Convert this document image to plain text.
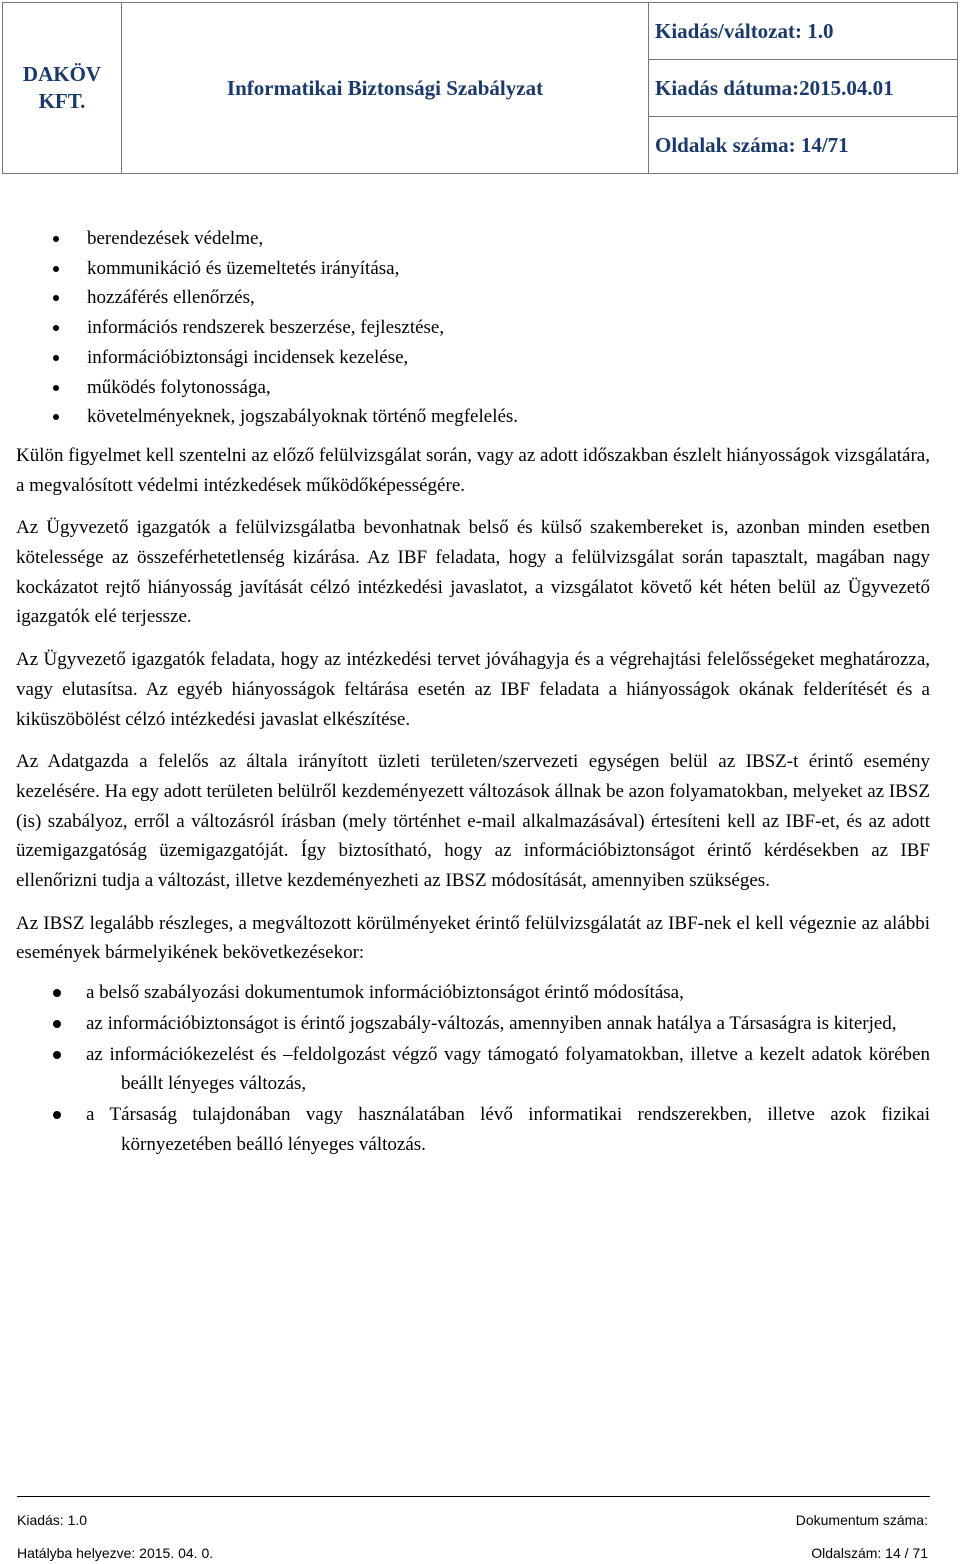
DAKÖV
KFT.	Informatikai Biztonsági Szabályzat	Kiadás/változat: 1.0
Kiadás dátuma:2015.04.01
Oldalak száma: 14/71
berendezések védelme,
kommunikáció és üzemeltetés irányítása,
hozzáférés ellenőrzés,
információs rendszerek beszerzése, fejlesztése,
információbiztonsági incidensek kezelése,
működés folytonossága,
követelményeknek, jogszabályoknak történő megfelelés.

Külön figyelmet kell szentelni az előző felülvizsgálat során, vagy az adott időszakban észlelt hiányosságok vizsgálatára, a megvalósított védelmi intézkedések működőképességére.

Az Ügyvezető igazgatók a felülvizsgálatba bevonhatnak belső és külső szakembereket is, azonban minden esetben kötelessége az összeférhetetlenség kizárása. Az IBF feladata, hogy a felülvizsgálat során tapasztalt, magában nagy kockázatot rejtő hiányosság javítását célzó intézkedési javaslatot, a vizsgálatot követő két héten belül az Ügyvezető igazgatók elé terjessze.

Az Ügyvezető igazgatók feladata, hogy az intézkedési tervet jóváhagyja és a végrehajtási felelősségeket meghatározza, vagy elutasítsa. Az egyéb hiányosságok feltárása esetén az IBF feladata a hiányosságok okának felderítését és a kiküszöbölést célzó intézkedési javaslat elkészítése.

Az Adatgazda a felelős az általa irányított üzleti területen/szervezeti egységen belül az IBSZ-t érintő esemény kezelésére. Ha egy adott területen belülről kezdeményezett változások állnak be azon folyamatokban, melyeket az IBSZ (is) szabályoz, erről a változásról írásban (mely történhet e-mail alkalmazásával) értesíteni kell az IBF-et, és az adott üzemigazgatóság üzemigazgatóját. Így biztosítható, hogy az információbiztonságot érintő kérdésekben az IBF ellenőrizni tudja a változást, illetve kezdeményezheti az IBSZ módosítását, amennyiben szükséges.

Az IBSZ legalább részleges, a megváltozott körülményeket érintő felülvizsgálatát az IBF-nek el kell végeznie az alábbi események bármelyikének bekövetkezésekor:

a belső szabályozási dokumentumok információbiztonságot érintő módosítása,
az információbiztonságot is érintő jogszabály-változás, amennyiben annak hatálya a Társaságra is kiterjed,
az információkezelést és –feldolgozást végző vagy támogató folyamatokban, illetve a kezelt adatok körében beállt lényeges változás,
a Társaság tulajdonában vagy használatában lévő informatikai rendszerekben, illetve azok fizikai környezetében beálló lényeges változás.
Kiadás: 1.0	Dokumentum száma:
Hatályba helyezve: 2015. 04. 0.	Oldalszám: 14 / 71
